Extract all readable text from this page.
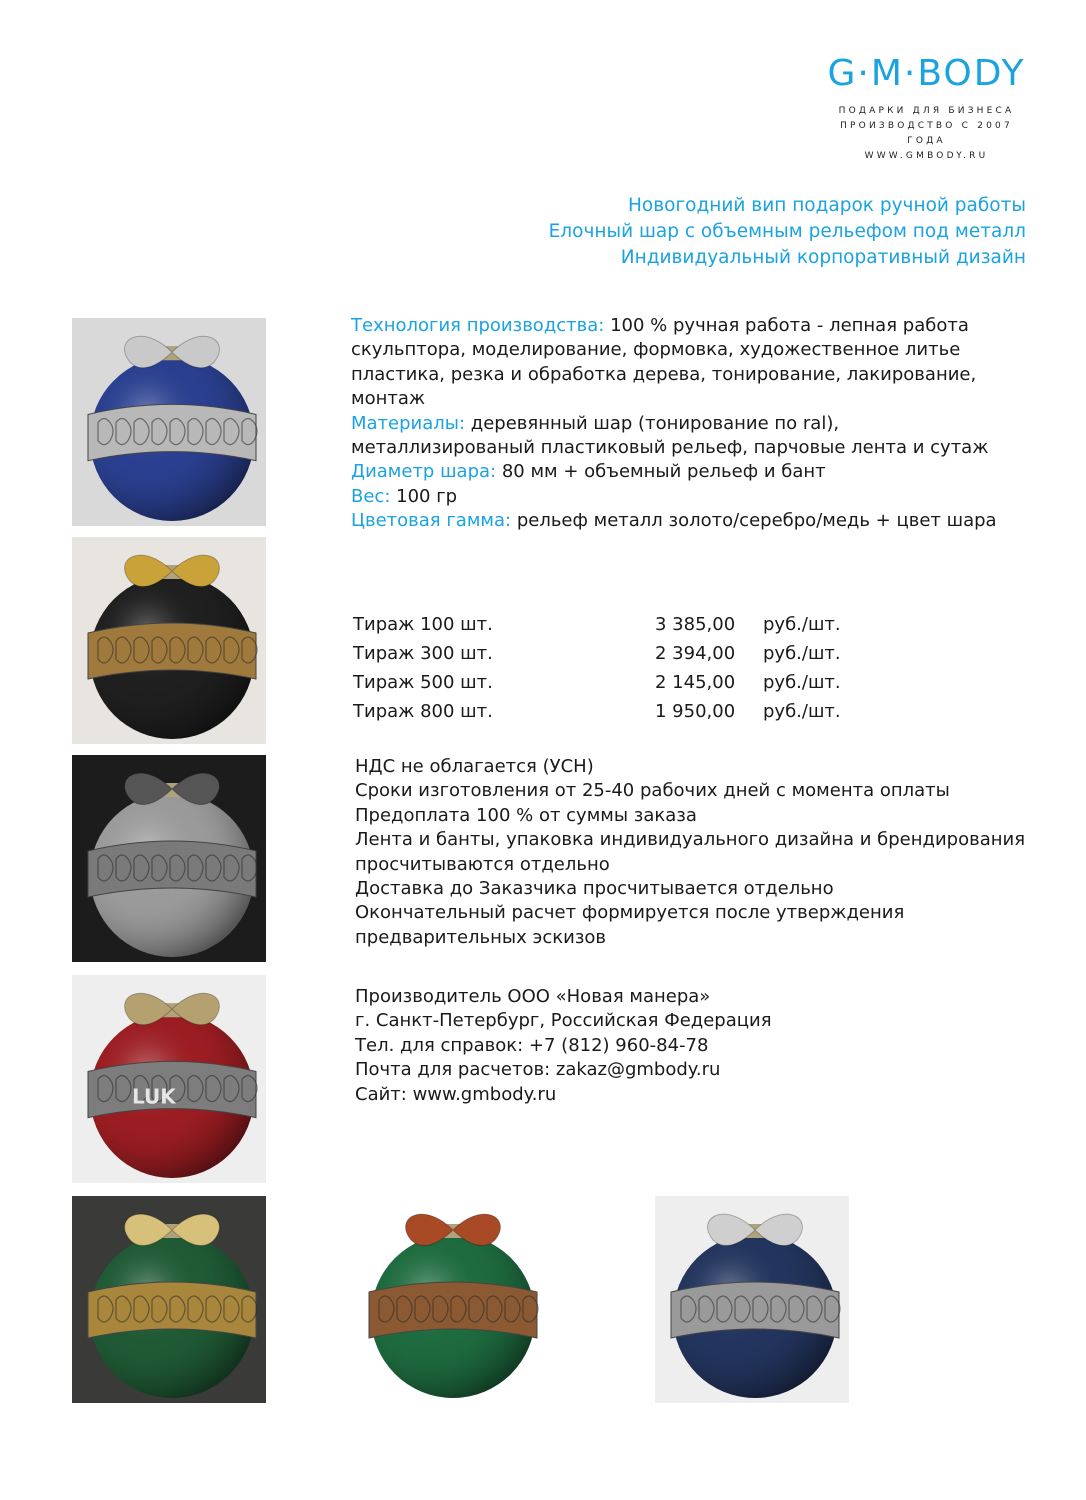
G·M·BODY
ПОДАРКИ ДЛЯ БИЗНЕСА
ПРОИЗВОДСТВО С 2007 ГОДА
WWW.GMBODY.RU
Новогодний вип подарок ручной работы
Елочный шар с объемным рельефом под металл
Индивидуальный корпоративный дизайн

Технология производства: 100 % ручная работа - лепная работа скульптора, моделирование, формовка, художественное литье пластика, резка и обработка дерева, тонирование, лакирование, монтаж

Материалы: деревянный шар (тонирование по ral), металлизированый пластиковый рельеф, парчовые лента и сутаж

Диаметр шара: 80 мм + объемный рельеф и бант

Вес: 100 гр

Цветовая гамма: рельеф металл золото/серебро/медь + цвет шара

Тираж 100 шт.	3 385,00 руб./шт.
Тираж 300 шт.	2 394,00 руб./шт.
Тираж 500 шт.	2 145,00 руб./шт.
Тираж 800 шт.	1 950,00 руб./шт.
НДС не облагается (УСН)
Сроки изготовления от 25-40 рабочих дней с момента оплаты
Предоплата 100 % от суммы заказа
Лента и банты, упаковка индивидуального дизайна и брендирования просчитываются отдельно
Доставка до Заказчика просчитывается отдельно
Окончательный расчет формируется после утверждения предварительных эскизов
Производитель ООО «Новая манера»
г. Санкт-Петербург, Российская Федерация
Тел. для справок: +7 (812) 960-84-78
Почта для расчетов: zakaz@gmbody.ru
Сайт: www.gmbody.ru
LUK
